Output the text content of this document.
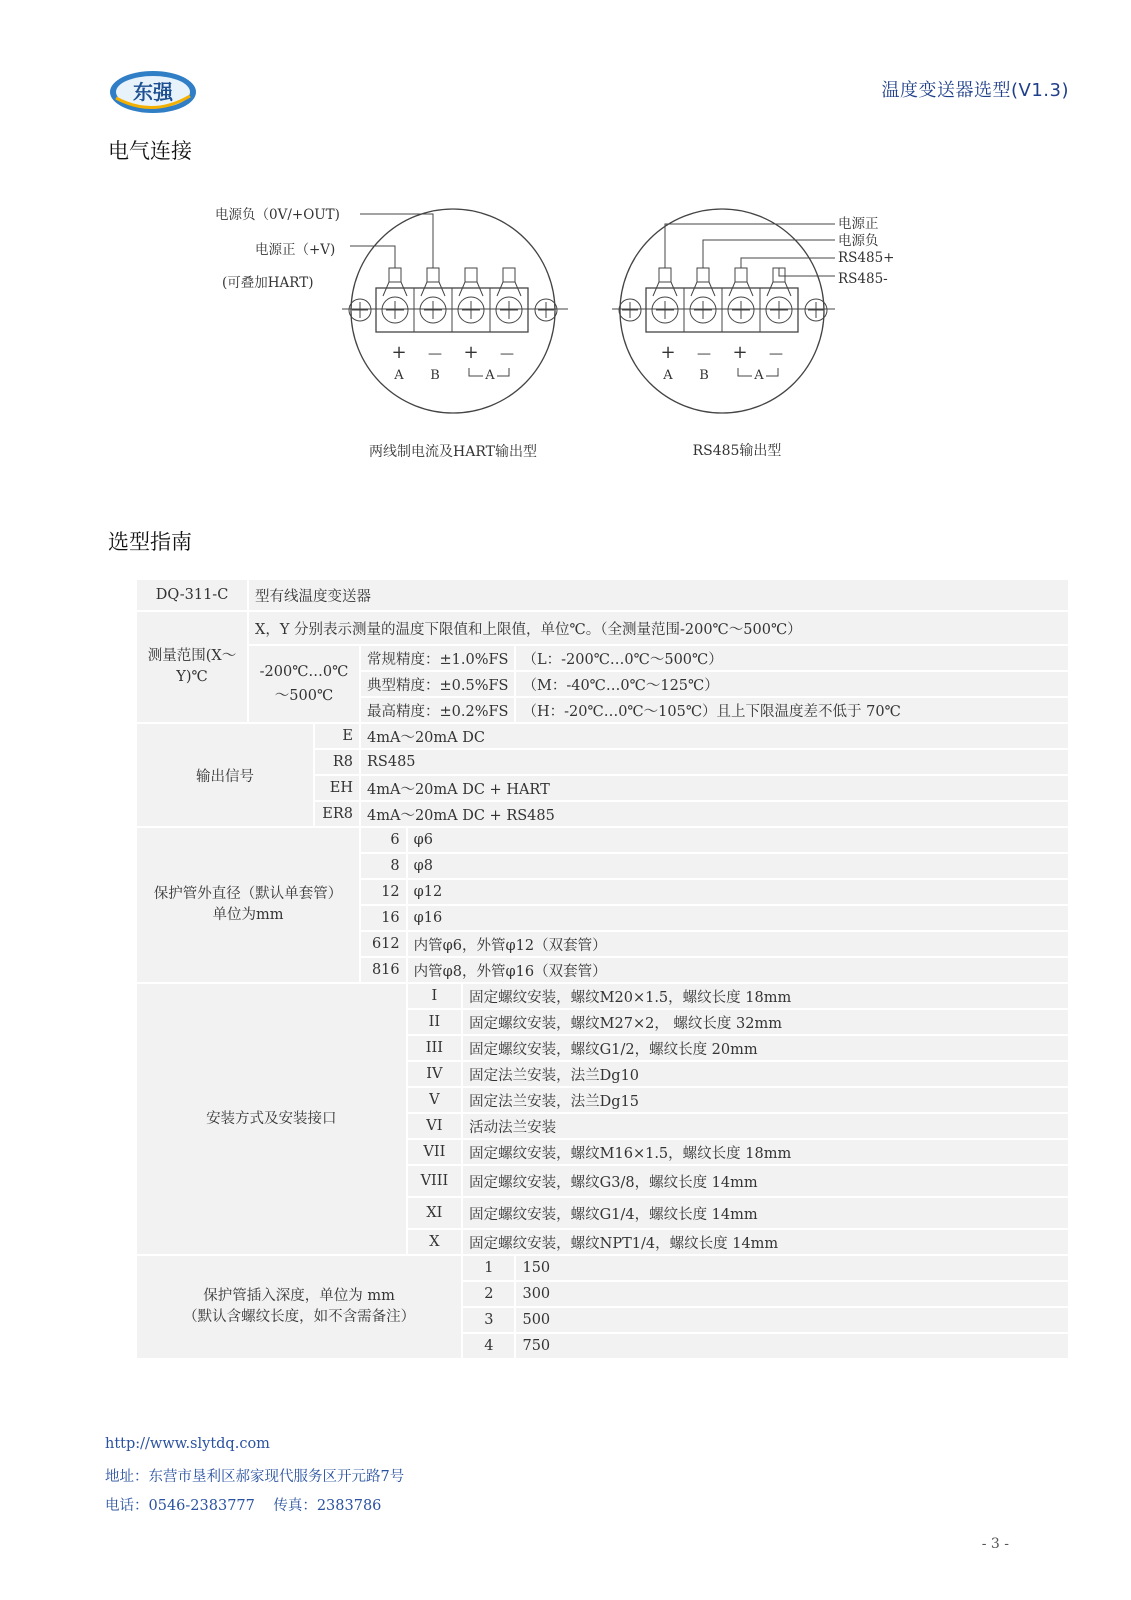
东强	温度变送器选型(V1.3)
电气连接
电源负（0V/+OUT)
电源正（+V)
(可叠加HART)
+ — + —
A B	A
两线制电流及HART输出型
电源正
电源负
RS485+
RS485-
+ — + —
A B	A
RS485输出型
选型指南
DQ-311-C	型有线温度变送器					
测量范围(X～Y)℃	X，Y 分别表示测量的温度下限值和上限值，单位℃。（全测量范围-200℃～500℃）					
	-200℃…0℃～500℃		常规精度：±1.0%FS			（L：-200℃…0℃～500℃）
			典型精度：±0.5%FS			（M：-40℃…0℃～125℃）
			最高精度：±0.2%FS			（H：-20℃…0℃～105℃）且上下限温度差不低于 70℃
输出信号		E	4mA～20mA DC			
		R8	RS485			
		EH	4mA～20mA DC + HART			
		ER8	4mA～20mA DC + RS485			

保护管外直径（默认单套管）
单位为mm			6	φ6		
			8	φ8		
			12	φ12		
			16	φ16		
			612	内管φ6，外管φ12（双套管）		
			816	内管φ8，外管φ16（双套管）		
安装方式及安装接口				I	固定螺纹安装，螺纹M20×1.5，螺纹长度 18mm	
				II	固定螺纹安装，螺纹M27×2， 螺纹长度 32mm	
				III	固定螺纹安装，螺纹G1/2，螺纹长度 20mm	
				IV	固定法兰安装，法兰Dg10	
				V	固定法兰安装，法兰Dg15	
				VI	活动法兰安装	
				VII	固定螺纹安装，螺纹M16×1.5，螺纹长度 18mm	
				VIII	固定螺纹安装，螺纹G3/8，螺纹长度 14mm	
				XI	固定螺纹安装，螺纹G1/4，螺纹长度 14mm	
				X	固定螺纹安装，螺纹NPT1/4，螺纹长度 14mm	

保护管插入深度，单位为 mm
（默认含螺纹长度，如不含需备注）					1	150
					2	300
					3	500
					4	750
http://www.slytdq.com
地址：东营市垦利区郝家现代服务区开元路7号
电话：0546-2383777 传真：2383786
- 3 -
